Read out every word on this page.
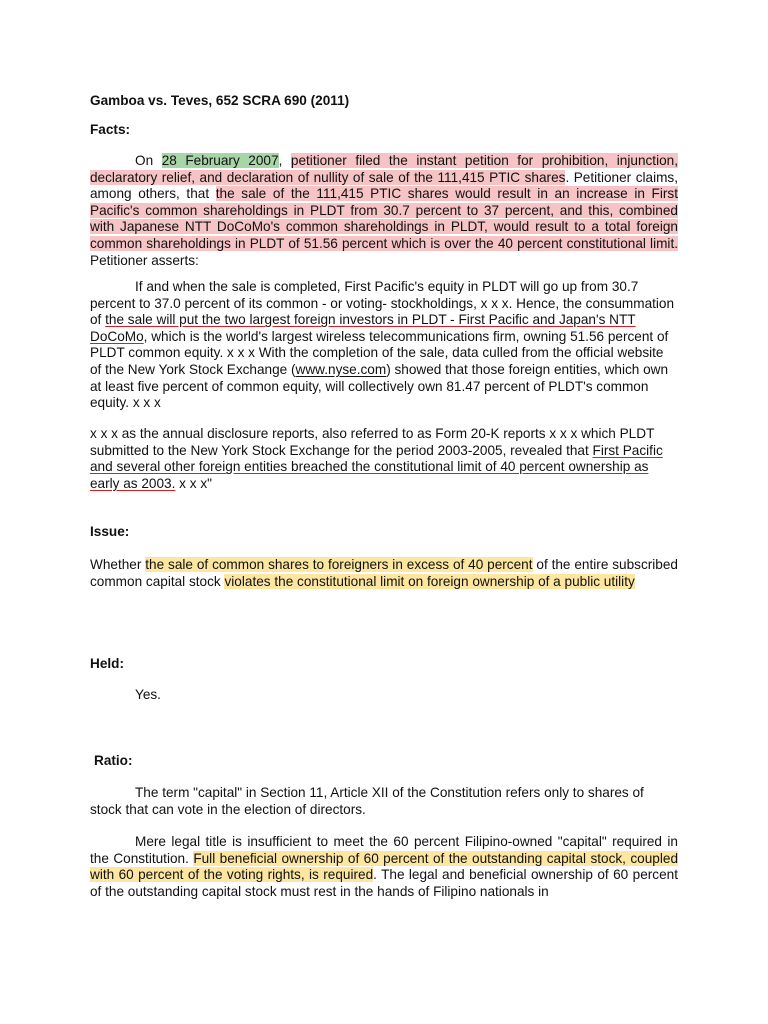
Gamboa vs. Teves, 652 SCRA 690 (2011)

Facts:

On 28 February 2007, petitioner filed the instant petition for prohibition, injunction, declaratory relief, and declaration of nullity of sale of the 111,415 PTIC shares. Petitioner claims, among others, that the sale of the 111,415 PTIC shares would result in an increase in First Pacific's common shareholdings in PLDT from 30.7 percent to 37 percent, and this, combined with Japanese NTT DoCoMo's common shareholdings in PLDT, would result to a total foreign common shareholdings in PLDT of 51.56 percent which is over the 40 percent constitutional limit. Petitioner asserts:

If and when the sale is completed, First Pacific's equity in PLDT will go up from 30.7 percent to 37.0 percent of its common - or voting- stockholdings, x x x. Hence, the consummation of the sale will put the two largest foreign investors in PLDT - First Pacific and Japan's NTT DoCoMo, which is the world's largest wireless telecommunications firm, owning 51.56 percent of PLDT common equity. x x x With the completion of the sale, data culled from the official website of the New York Stock Exchange (www.nyse.com) showed that those foreign entities, which own at least five percent of common equity, will collectively own 81.47 percent of PLDT's common equity. x x x

x x x as the annual disclosure reports, also referred to as Form 20-K reports x x x which PLDT submitted to the New York Stock Exchange for the period 2003-2005, revealed that First Pacific and several other foreign entities breached the constitutional limit of 40 percent ownership as early as 2003. x x x"

Issue:

Whether the sale of common shares to foreigners in excess of 40 percent of the entire subscribed common capital stock violates the constitutional limit on foreign ownership of a public utility

Held:

Yes.

Ratio:

The term "capital" in Section 11, Article XII of the Constitution refers only to shares of stock that can vote in the election of directors.

Mere legal title is insufficient to meet the 60 percent Filipino-owned "capital" required in the Constitution. Full beneficial ownership of 60 percent of the outstanding capital stock, coupled with 60 percent of the voting rights, is required. The legal and beneficial ownership of 60 percent of the outstanding capital stock must rest in the hands of Filipino nationals in
